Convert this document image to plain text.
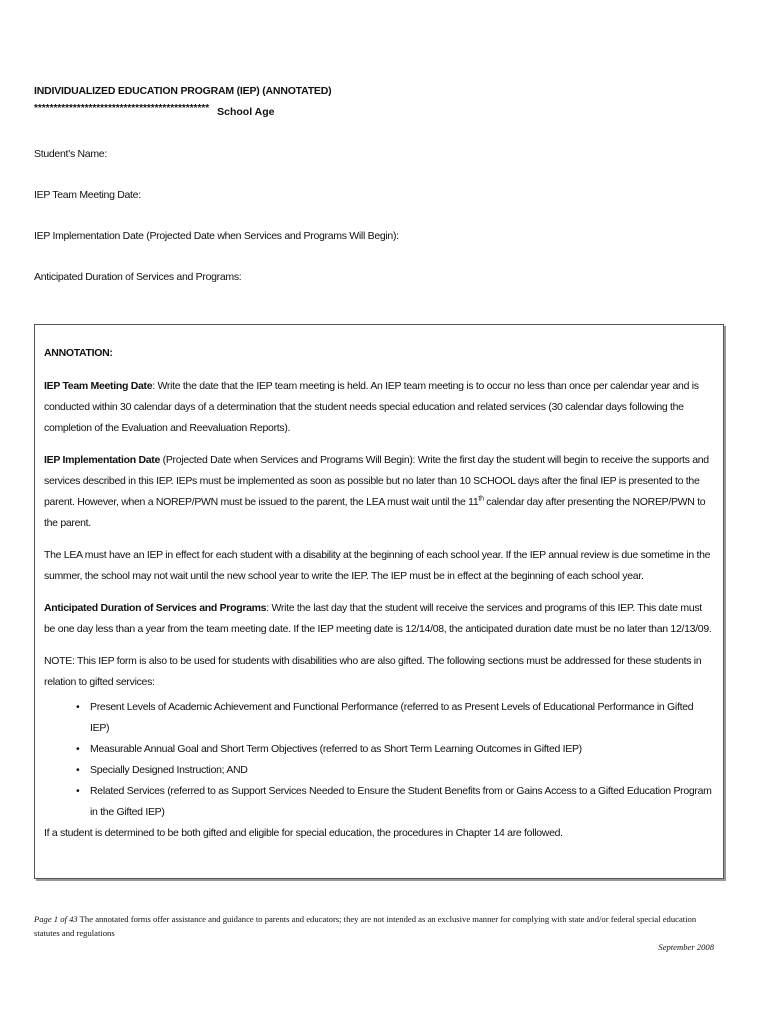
INDIVIDUALIZED EDUCATION PROGRAM (IEP) (ANNOTATED)
********************************************* School Age
Student’s Name:
IEP Team Meeting Date:
IEP Implementation Date (Projected Date when Services and Programs Will Begin):
Anticipated Duration of Services and Programs:
ANNOTATION:

IEP Team Meeting Date: Write the date that the IEP team meeting is held. An IEP team meeting is to occur no less than once per calendar year and is conducted within 30 calendar days of a determination that the student needs special education and related services (30 calendar days following the completion of the Evaluation and Reevaluation Reports).

IEP Implementation Date (Projected Date when Services and Programs Will Begin): Write the first day the student will begin to receive the supports and services described in this IEP. IEPs must be implemented as soon as possible but no later than 10 SCHOOL days after the final IEP is presented to the parent. However, when a NOREP/PWN must be issued to the parent, the LEA must wait until the 11th calendar day after presenting the NOREP/PWN to the parent.

The LEA must have an IEP in effect for each student with a disability at the beginning of each school year. If the IEP annual review is due sometime in the summer, the school may not wait until the new school year to write the IEP. The IEP must be in effect at the beginning of each school year.

Anticipated Duration of Services and Programs: Write the last day that the student will receive the services and programs of this IEP. This date must be one day less than a year from the team meeting date. If the IEP meeting date is 12/14/08, the anticipated duration date must be no later than 12/13/09.

NOTE: This IEP form is also to be used for students with disabilities who are also gifted. The following sections must be addressed for these students in relation to gifted services:

• Present Levels of Academic Achievement and Functional Performance (referred to as Present Levels of Educational Performance in Gifted IEP)
• Measurable Annual Goal and Short Term Objectives (referred to as Short Term Learning Outcomes in Gifted IEP)
• Specially Designed Instruction; AND
• Related Services (referred to as Support Services Needed to Ensure the Student Benefits from or Gains Access to a Gifted Education Program in the Gifted IEP)

If a student is determined to be both gifted and eligible for special education, the procedures in Chapter 14 are followed.

Page 1 of 43 The annotated forms offer assistance and guidance to parents and educators; they are not intended as an exclusive manner for complying with state and/or federal special education statutes and regulations
September 2008
